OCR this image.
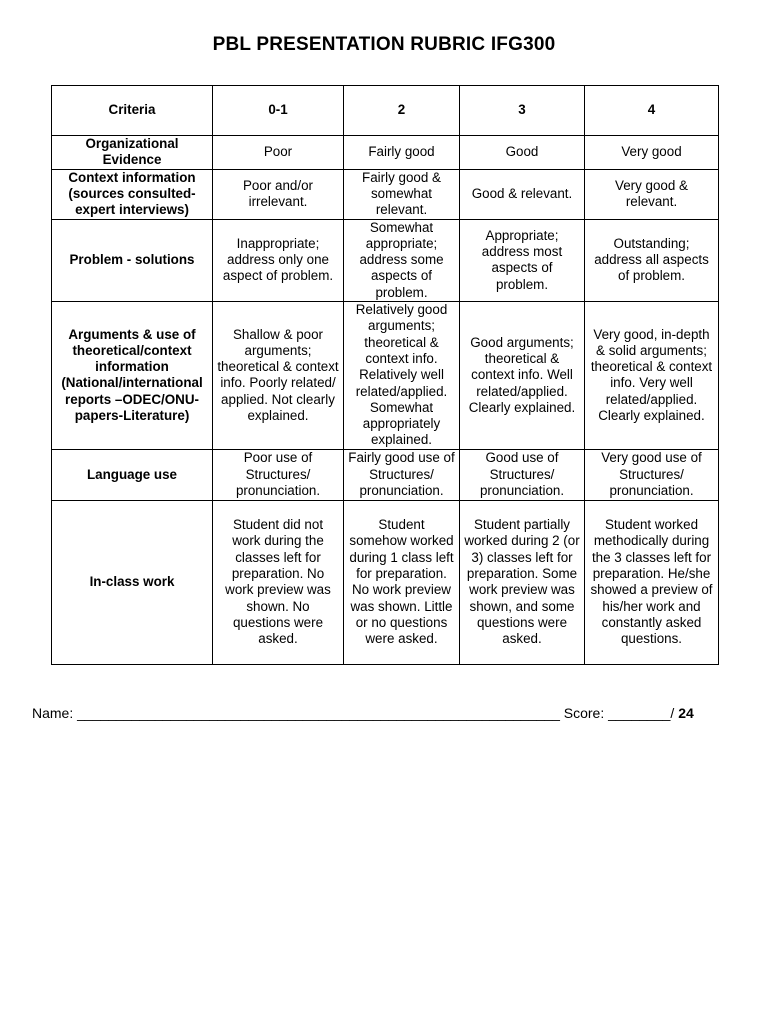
PBL PRESENTATION RUBRIC IFG300
Criteria	0-1	2	3	4
Organizational Evidence	Poor	Fairly good	Good	Very good
Context information (sources consulted-expert interviews)	Poor and/or irrelevant.	Fairly good & somewhat relevant.	Good & relevant.	Very good & relevant.
Problem - solutions	Inappropriate; address only one aspect of problem.	Somewhat appropriate; address some aspects of problem.	Appropriate; address most aspects of problem.	Outstanding; address all aspects of problem.
Arguments & use of theoretical/context information (National/international reports –ODEC/ONU-papers-Literature)	Shallow & poor arguments; theoretical & context info. Poorly related/ applied. Not clearly explained.	Relatively good arguments; theoretical & context info. Relatively well related/applied. Somewhat appropriately explained.	Good arguments; theoretical & context info. Well related/applied. Clearly explained.	Very good, in-depth & solid arguments; theoretical & context info. Very well related/applied. Clearly explained.
Language use	Poor use of Structures/ pronunciation.	Fairly good use of Structures/ pronunciation.	Good use of Structures/ pronunciation.	Very good use of Structures/ pronunciation.
In-class work	Student did not work during the classes left for preparation. No work preview was shown. No questions were asked.	Student somehow worked during 1 class left for preparation. No work preview was shown. Little or no questions were asked.	Student partially worked during 2 (or 3) classes left for preparation. Some work preview was shown, and some questions were asked.	Student worked methodically during the 3 classes left for preparation. He/she showed a preview of his/her work and constantly asked questions.
Name: ______________________________________________________________ Score: ________/ 24
